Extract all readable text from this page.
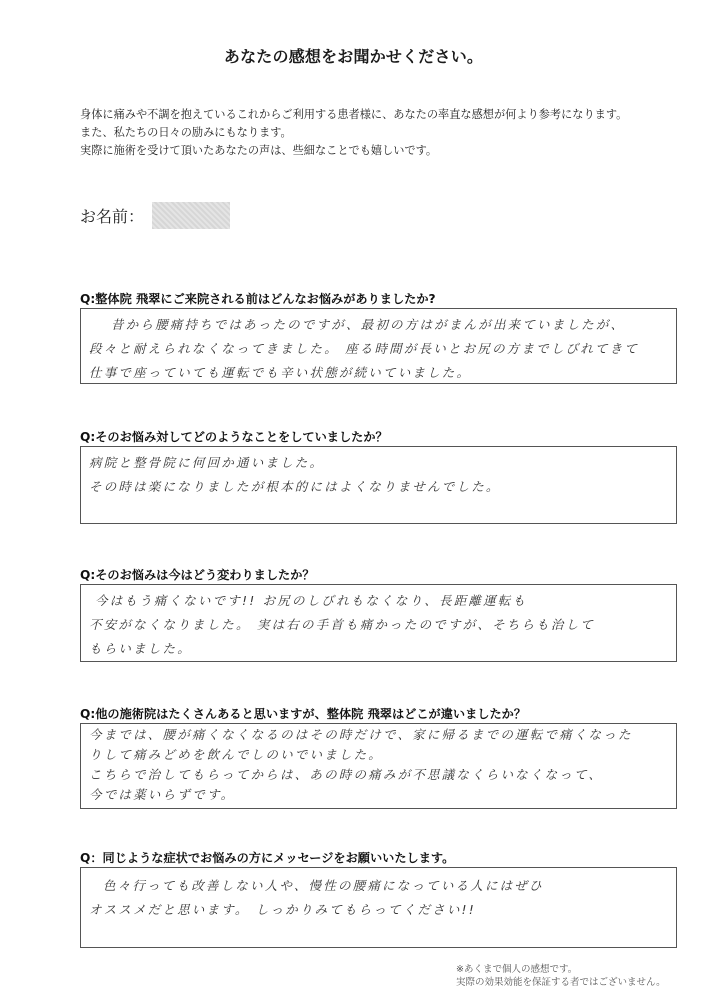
あなたの感想をお聞かせください。
身体に痛みや不調を抱えているこれからご利用する患者様に、あなたの率直な感想が何より参考になります。
また、私たちの日々の励みにもなります。
実際に施術を受けて頂いたあなたの声は、些細なことでも嬉しいです。
お名前：
Q:整体院 飛翠にご来院される前はどんなお悩みがありましたか?
昔から腰痛持ちではあったのですが、最初の方はがまんが出来ていましたが、
段々と耐えられなくなってきました。 座る時間が長いとお尻の方までしびれてきて
仕事で座っていても運転でも辛い状態が続いていました。
Q:そのお悩み対してどのようなことをしていましたか？
病院と整骨院に何回か通いました。
その時は楽になりましたが根本的にはよくなりませんでした。
Q:そのお悩みは今はどう変わりましたか？
今はもう痛くないです!! お尻のしびれもなくなり、長距離運転も
不安がなくなりました。 実は右の手首も痛かったのですが、そちらも治して
もらいました。
Q:他の施術院はたくさんあると思いますが、整体院 飛翠はどこが違いましたか？
今までは、腰が痛くなくなるのはその時だけで、家に帰るまでの運転で痛くなった
りして痛みどめを飲んでしのいでいました。
こちらで治してもらってからは、あの時の痛みが不思議なくらいなくなって、
今では薬いらずです。
Q：同じような症状でお悩みの方にメッセージをお願いいたします。
色々行っても改善しない人や、慢性の腰痛になっている人にはぜひ
オススメだと思います。 しっかりみてもらってください!!
※あくまで個人の感想です。
実際の効果効能を保証する者ではございません。
